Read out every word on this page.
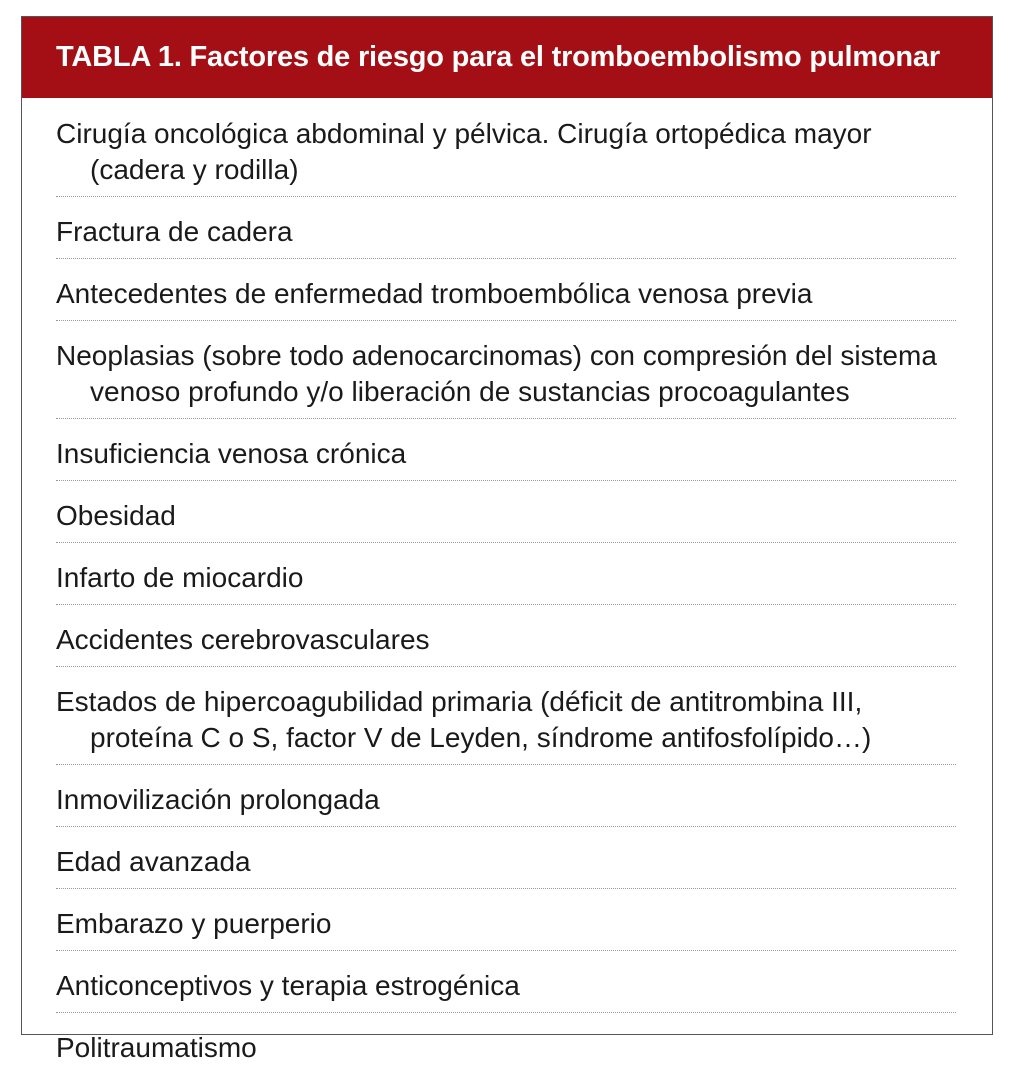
TABLA 1. Factores de riesgo para el tromboembolismo pulmonar
Cirugía oncológica abdominal y pélvica. Cirugía ortopédica mayor (cadera y rodilla)
Fractura de cadera
Antecedentes de enfermedad tromboembólica venosa previa
Neoplasias (sobre todo adenocarcinomas) con compresión del sistema venoso profundo y/o liberación de sustancias procoagulantes
Insuficiencia venosa crónica
Obesidad
Infarto de miocardio
Accidentes cerebrovasculares
Estados de hipercoagubilidad primaria (déficit de antitrombina III, proteína C o S, factor V de Leyden, síndrome antifosfolípido…)
Inmovilización prolongada
Edad avanzada
Embarazo y puerperio
Anticonceptivos y terapia estrogénica
Politraumatismo
